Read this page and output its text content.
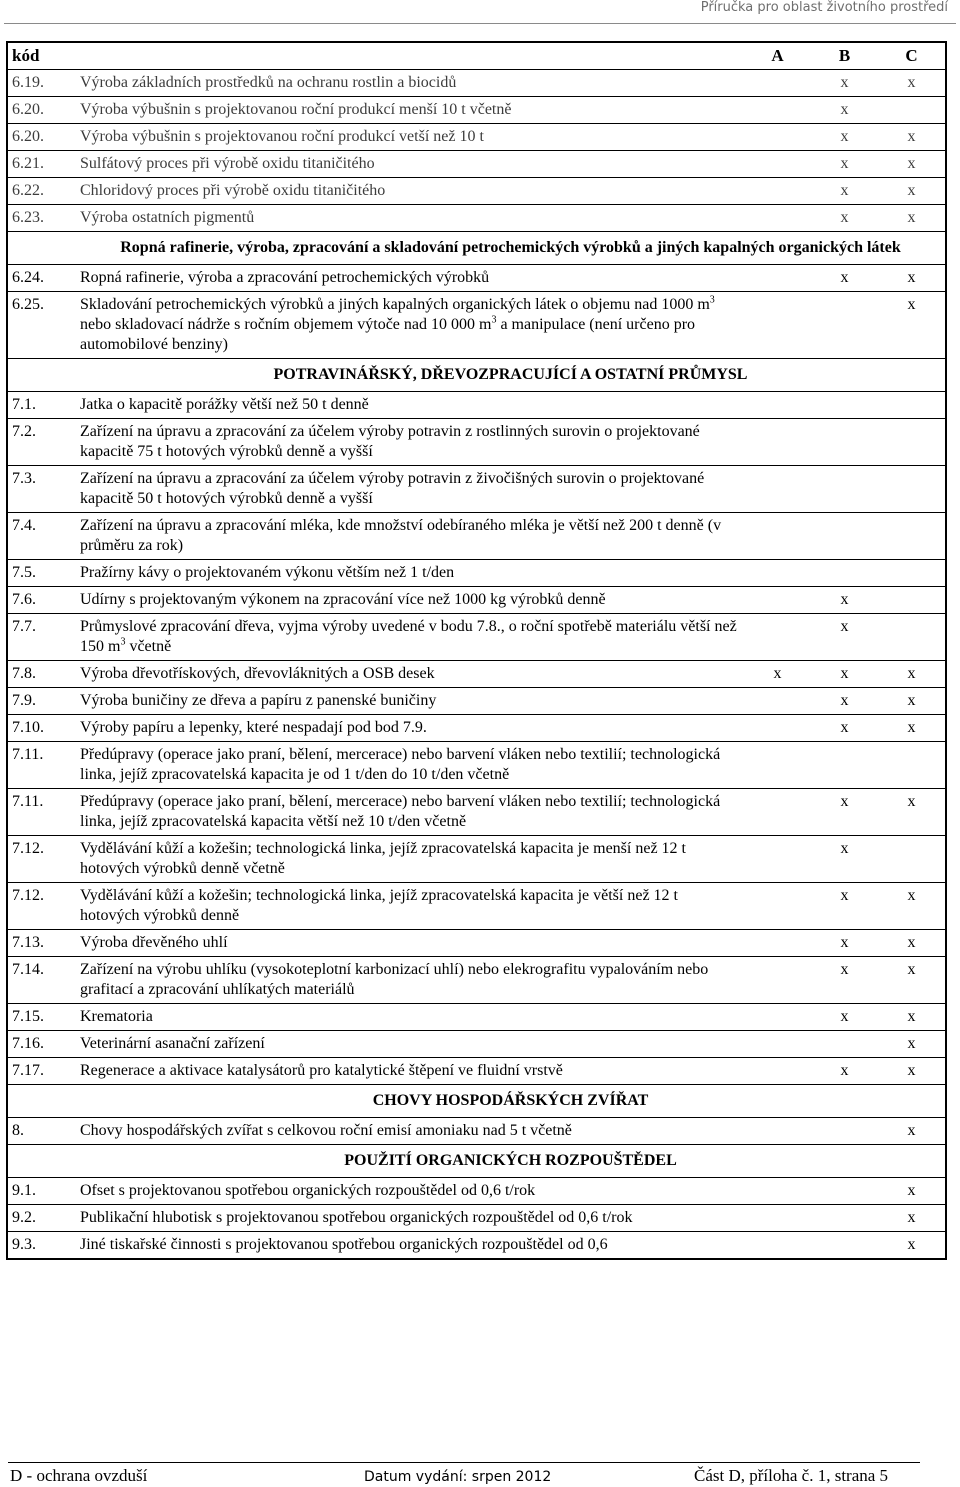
Příručka pro oblast životního prostředí
kód		A	B	C
6.19.	Výroba základních prostředků na ochranu rostlin a biocidů		x	x
6.20.	Výroba výbušnin s projektovanou roční produkcí menší 10 t včetně		x	
6.20.	Výroba výbušnin s projektovanou roční produkcí vetší než 10 t		x	x
6.21.	Sulfátový proces při výrobě oxidu titaničitého		x	x
6.22.	Chloridový proces při výrobě oxidu titaničitého		x	x
6.23.	Výroba ostatních pigmentů		x	x
	Ropná rafinerie, výroba, zpracování a skladování petrochemických výrobků a jiných kapalných organických látek			
6.24.	Ropná rafinerie, výroba a zpracování petrochemických výrobků		x	x
6.25.	Skladování petrochemických výrobků a jiných kapalných organických látek o objemu nad 1000 $m^3$ nebo skladovací nádrže s ročním objemem výtoče nad 10 000 $m^3$ a manipulace (není určeno pro automobilové benziny)			x
	POTRAVINÁŘSKÝ, DŘEVOZPRACUJÍCÍ A OSTATNÍ PRŮMYSL			
7.1.	Jatka o kapacitě porážky větší než 50 t denně			
7.2.	Zařízení na úpravu a zpracování za účelem výroby potravin z rostlinných surovin o projektované kapacitě 75 t hotových výrobků denně a vyšší			
7.3.	Zařízení na úpravu a zpracování za účelem výroby potravin z živočišných surovin o projektované kapacitě 50 t hotových výrobků denně a vyšší			
7.4.	Zařízení na úpravu a zpracování mléka, kde množství odebíraného mléka je větší než 200 t denně (v průměru za rok)			
7.5.	Pražírny kávy o projektovaném výkonu větším než 1 t/den			
7.6.	Udírny s projektovaným výkonem na zpracování více než 1000 kg výrobků denně		x	
7.7.	Průmyslové zpracování dřeva, vyjma výroby uvedené v bodu 7.8., o roční spotřebě materiálu větší než 150 $m^3$ včetně		x	
7.8.	Výroba dřevotřískových, dřevovláknitých a OSB desek	x	x	x
7.9.	Výroba buničiny ze dřeva a papíru z panenské buničiny		x	x
7.10.	Výroby papíru a lepenky, které nespadají pod bod 7.9.		x	x
7.11.	Předúpravy (operace jako praní, bělení, mercerace) nebo barvení vláken nebo textilií; technologická linka, jejíž zpracovatelská kapacita je od 1 t/den do 10 t/den včetně			
7.11.	Předúpravy (operace jako praní, bělení, mercerace) nebo barvení vláken nebo textilií; technologická linka, jejíž zpracovatelská kapacita větší než 10 t/den včetně		x	x
7.12.	Vydělávání kůží a kožešin; technologická linka, jejíž zpracovatelská kapacita je menší než 12 t hotových výrobků denně včetně		x	
7.12.	Vydělávání kůží a kožešin; technologická linka, jejíž zpracovatelská kapacita je větší než 12 t hotových výrobků denně		x	x
7.13.	Výroba dřevěného uhlí		x	x
7.14.	Zařízení na výrobu uhlíku (vysokoteplotní karbonizací uhlí) nebo elekrografitu vypalováním nebo grafitací a zpracování uhlíkatých materiálů		x	x
7.15.	Krematoria		x	x
7.16.	Veterinární asanační zařízení			x
7.17.	Regenerace a aktivace katalysátorů pro katalytické štěpení ve fluidní vrstvě		x	x
	CHOVY HOSPODÁŘSKÝCH ZVÍŘAT			
8.	Chovy hospodářských zvířat s celkovou roční emisí amoniaku nad 5 t včetně			x
	POUŽITÍ ORGANICKÝCH ROZPOUŠTĚDEL			
9.1.	Ofset s projektovanou spotřebou organických rozpouštědel od 0,6 t/rok			x
9.2.	Publikační hlubotisk s projektovanou spotřebou organických rozpouštědel od 0,6 t/rok			x
9.3.	Jiné tiskařské činnosti s projektovanou spotřebou organických rozpouštědel od 0,6			x
D - ochrana ovzduší	Datum vydání: srpen 2012	Část D, příloha č. 1, strana 5
